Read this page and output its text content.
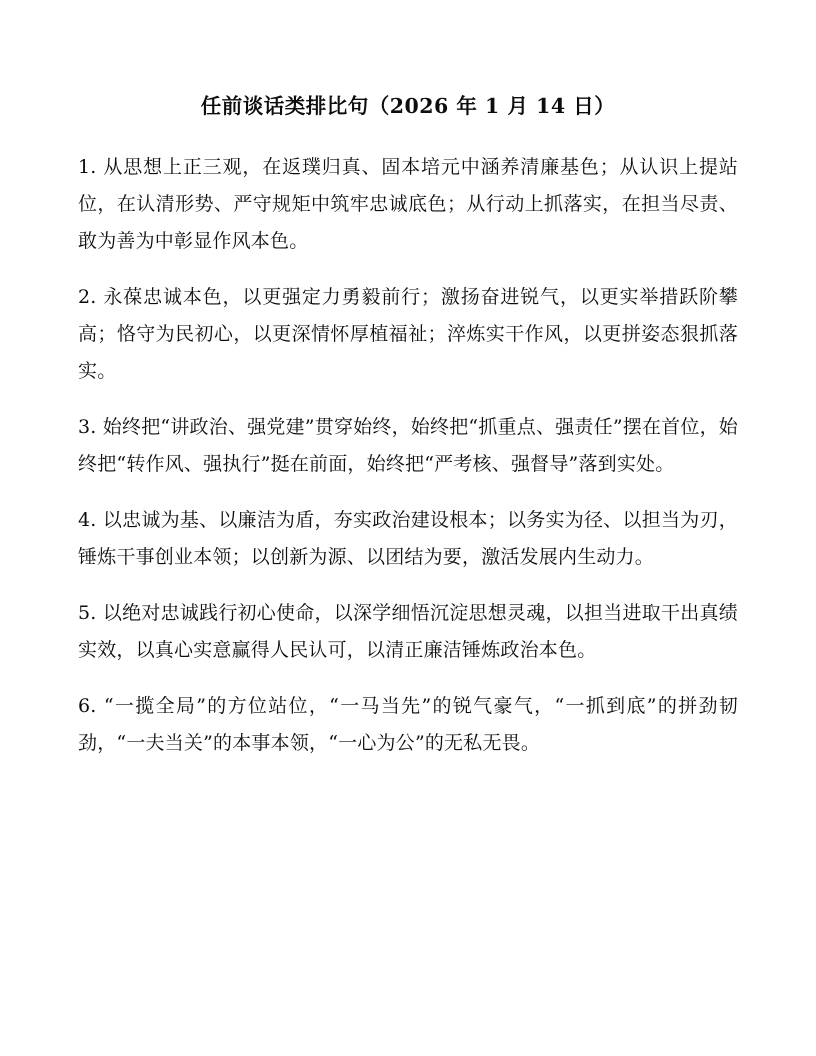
任前谈话类排比句（2026 年 1 月 14 日）

1. 从思想上正三观，在返璞归真、固本培元中涵养清廉基色；从认识上提站位，在认清形势、严守规矩中筑牢忠诚底色；从行动上抓落实，在担当尽责、敢为善为中彰显作风本色。

2. 永葆忠诚本色，以更强定力勇毅前行；激扬奋进锐气，以更实举措跃阶攀高；恪守为民初心，以更深情怀厚植福祉；淬炼实干作风，以更拼姿态狠抓落实。

3. 始终把“讲政治、强党建”贯穿始终，始终把“抓重点、强责任”摆在首位，始终把“转作风、强执行”挺在前面，始终把“严考核、强督导”落到实处。

4. 以忠诚为基、以廉洁为盾，夯实政治建设根本；以务实为径、以担当为刃，锤炼干事创业本领；以创新为源、以团结为要，激活发展内生动力。

5. 以绝对忠诚践行初心使命，以深学细悟沉淀思想灵魂，以担当进取干出真绩实效，以真心实意赢得人民认可，以清正廉洁锤炼政治本色。

6. “一揽全局”的方位站位，“一马当先”的锐气豪气，“一抓到底”的拼劲韧劲，“一夫当关”的本事本领，“一心为公”的无私无畏。
